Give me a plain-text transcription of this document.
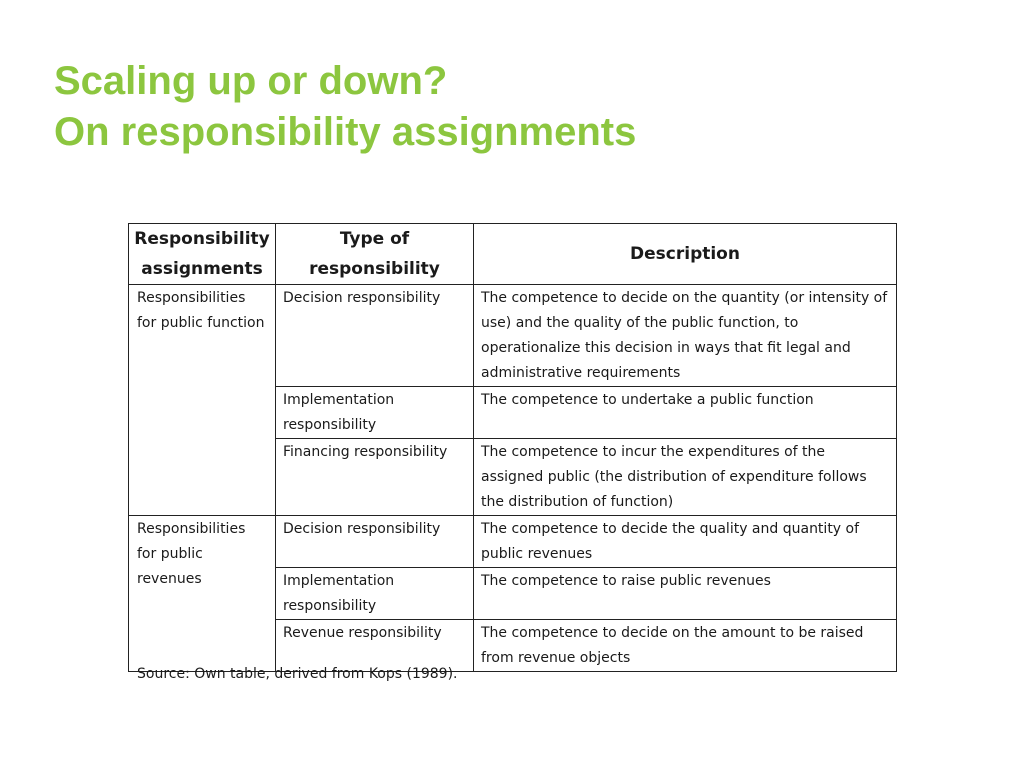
Scaling up or down?
On responsibility assignments
Responsibility assignments	Type of responsibility	Description
Responsibilities for public function	Decision responsibility	The competence to decide on the quantity (or intensity of use) and the quality of the public function, to operationalize this decision in ways that fit legal and administrative requirements
	Implementation responsibility	The competence to undertake a public function
	Financing responsibility	The competence to incur the expenditures of the assigned public (the distribution of expenditure follows the distribution of function)
Responsibilities for public revenues	Decision responsibility	The competence to decide the quality and quantity of public revenues
	Implementation responsibility	The competence to raise public revenues
	Revenue responsibility	The competence to decide on the amount to be raised from revenue objects
Source: Own table, derived from Kops (1989).
